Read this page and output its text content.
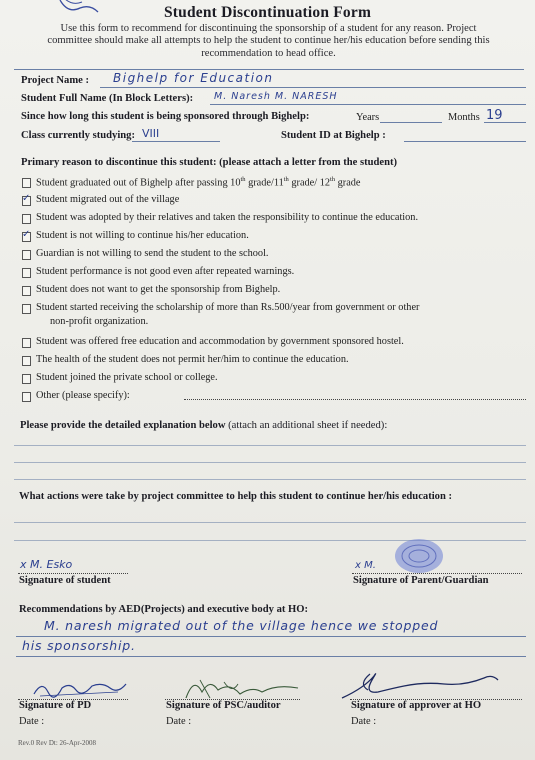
Student Discontinuation Form
Use this form to recommend for discontinuing the sponsorship of a student for any reason. Project
committee should make all attempts to help the student to continue her/his education before sending this
recommendation to head office.
Project Name : Bighelp for Education
Student Full Name (In Block Letters): M. Naresh M. NARESH
Since how long this student is being sponsored through Bighelp:	Years	Months 19
Class currently studying: VIII	Student ID at Bighelp :
Primary reason to discontinue this student: (please attach a letter from the student)
Student graduated out of Bighelp after passing 10th grade/11th grade/ 12th grade
✓ Student migrated out of the village
Student was adopted by their relatives and taken the responsibility to continue the education.
✓ Student is not willing to continue his/her education.
Guardian is not willing to send the student to the school.
Student performance is not good even after repeated warnings.
Student does not want to get the sponsorship from Bighelp.
Student started receiving the scholarship of more than Rs.500/year from government or other
non-profit organization.
Student was offered free education and accommodation by government sponsored hostel.
The health of the student does not permit her/him to continue the education.
Student joined the private school or college.
Other (please specify):
Please provide the detailed explanation below (attach an additional sheet if needed):
What actions were take by project committee to help this student to continue her/his education :
x M. Esko
Signature of student
x M.
Signature of Parent/Guardian
Recommendations by AED(Projects) and executive body at HO:
M. naresh migrated out of the village hence we stopped
his sponsorship.
Signature of PD
Date :
Signature of PSC/auditor
Date :
Signature of approver at HO
Date :
Rev.0 Rev Dt: 26-Apr-2008
